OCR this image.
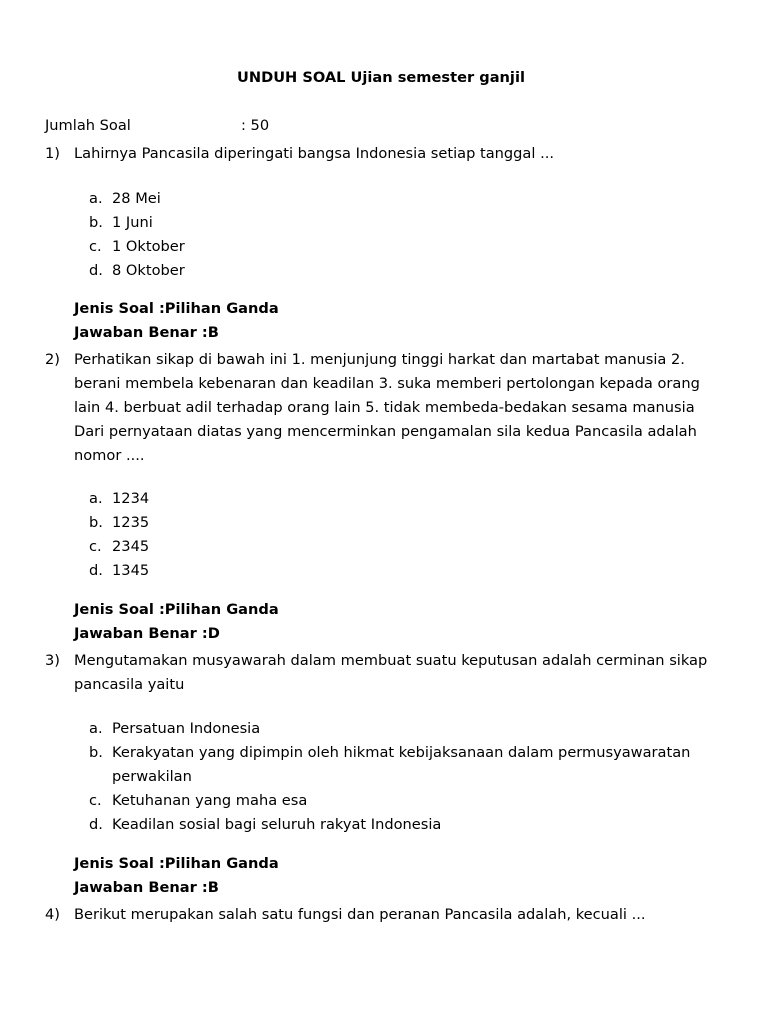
UNDUH SOAL Ujian semester ganjil
Jumlah Soal	: 50
1) Lahirnya Pancasila diperingati bangsa Indonesia setiap tanggal ...
a. 28 Mei
b. 1 Juni
c. 1 Oktober
d. 8 Oktober
Jenis Soal :Pilihan Ganda
Jawaban Benar :B
2) Perhatikan sikap di bawah ini 1. menjunjung tinggi harkat dan martabat manusia 2. berani membela kebenaran dan keadilan 3. suka memberi pertolongan kepada orang lain 4. berbuat adil terhadap orang lain 5. tidak membeda-bedakan sesama manusia Dari pernyataan diatas yang mencerminkan pengamalan sila kedua Pancasila adalah nomor ....
a. 1234
b. 1235
c. 2345
d. 1345
Jenis Soal :Pilihan Ganda
Jawaban Benar :D
3) Mengutamakan musyawarah dalam membuat suatu keputusan adalah cerminan sikap pancasila yaitu
a. Persatuan Indonesia
b. Kerakyatan yang dipimpin oleh hikmat kebijaksanaan dalam permusyawaratan perwakilan
c. Ketuhanan yang maha esa
d. Keadilan sosial bagi seluruh rakyat Indonesia
Jenis Soal :Pilihan Ganda
Jawaban Benar :B
4) Berikut merupakan salah satu fungsi dan peranan Pancasila adalah, kecuali ...
